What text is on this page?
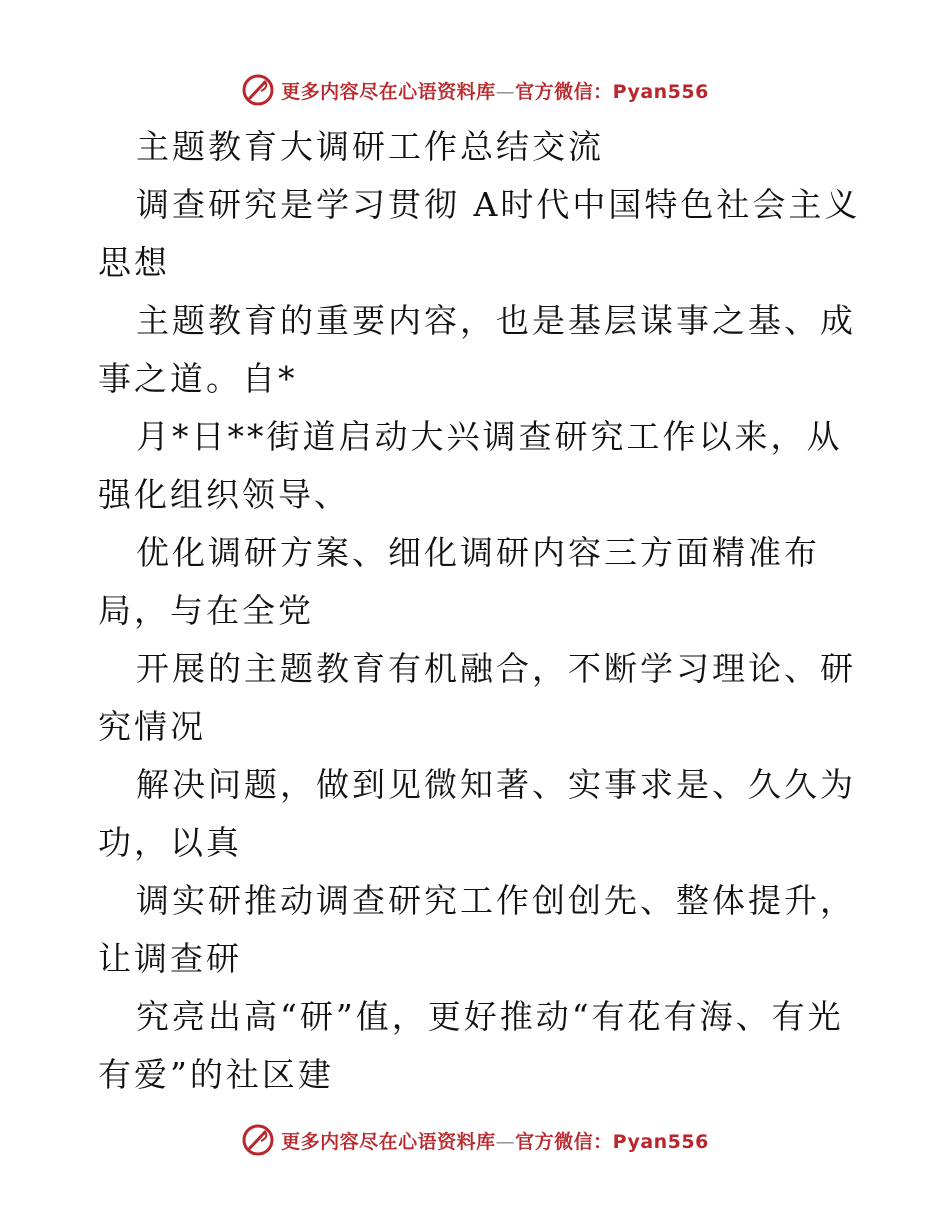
更多内容尽在心语资料库—官方微信：Pyan556

主题教育大调研工作总结交流

调查研究是学习贯彻 A时代中国特色社会主义思想

主题教育的重要内容，也是基层谋事之基、成事之道。自*

月*日**街道启动大兴调查研究工作以来，从强化组织领导、

优化调研方案、细化调研内容三方面精准布局，与在全党

开展的主题教育有机融合，不断学习理论、研究情况

解决问题，做到见微知著、实事求是、久久为功，以真

调实研推动调查研究工作创创先、整体提升，让调查研

究亮出高“研”值，更好推动“有花有海、有光有爱”的社区建

更多内容尽在心语资料库—官方微信：Pyan556
